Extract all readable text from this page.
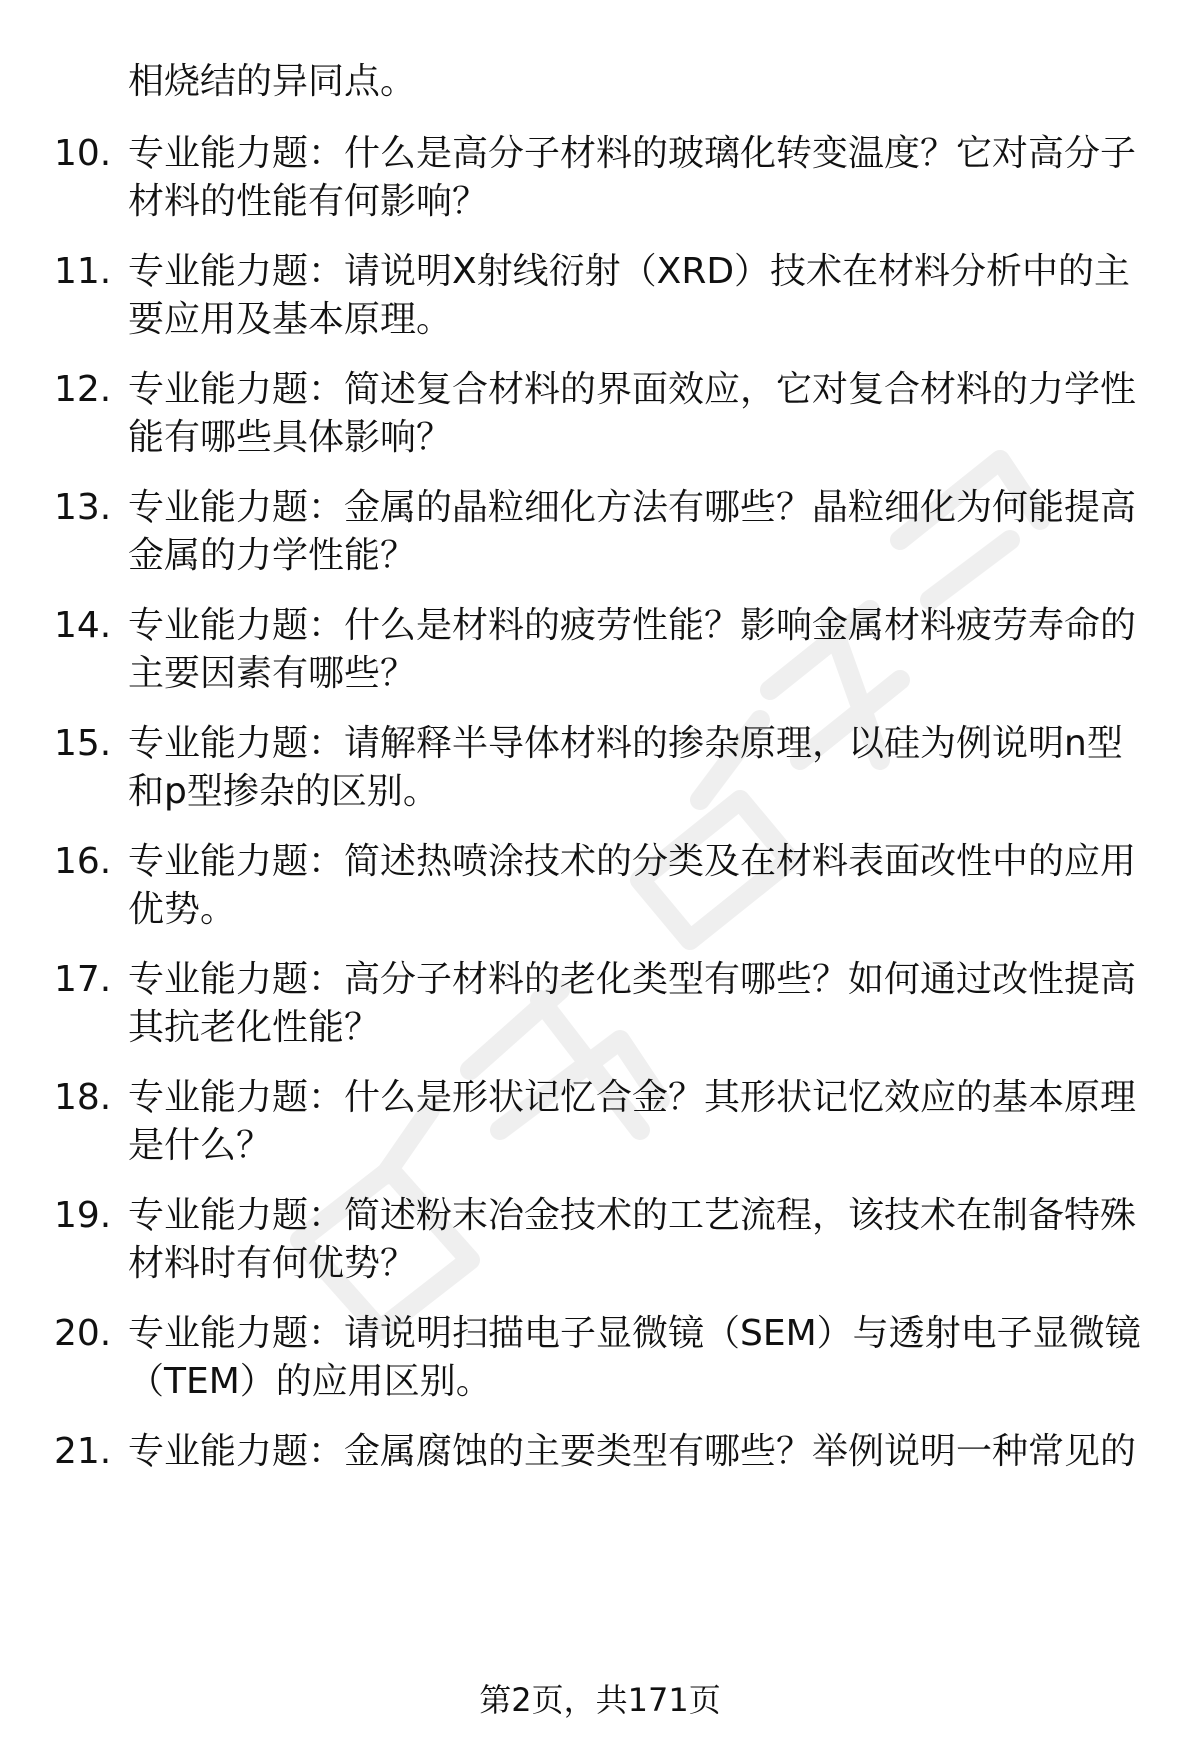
相烧结的异同点。
10. 专业能力题：什么是高分子材料的玻璃化转变温度？它对高分子
材料的性能有何影响？
11. 专业能力题：请说明X射线衍射（XRD）技术在材料分析中的主
要应用及基本原理。
12. 专业能力题：简述复合材料的界面效应，它对复合材料的力学性
能有哪些具体影响？
13. 专业能力题：金属的晶粒细化方法有哪些？晶粒细化为何能提高
金属的力学性能？
14. 专业能力题：什么是材料的疲劳性能？影响金属材料疲劳寿命的
主要因素有哪些？
15. 专业能力题：请解释半导体材料的掺杂原理，以硅为例说明n型
和p型掺杂的区别。
16. 专业能力题：简述热喷涂技术的分类及在材料表面改性中的应用
优势。
17. 专业能力题：高分子材料的老化类型有哪些？如何通过改性提高
其抗老化性能？
18. 专业能力题：什么是形状记忆合金？其形状记忆效应的基本原理
是什么？
19. 专业能力题：简述粉末冶金技术的工艺流程，该技术在制备特殊
材料时有何优势？
20. 专业能力题：请说明扫描电子显微镜（SEM）与透射电子显微镜
（TEM）的应用区别。
21. 专业能力题：金属腐蚀的主要类型有哪些？举例说明一种常见的
第2页，共171页
